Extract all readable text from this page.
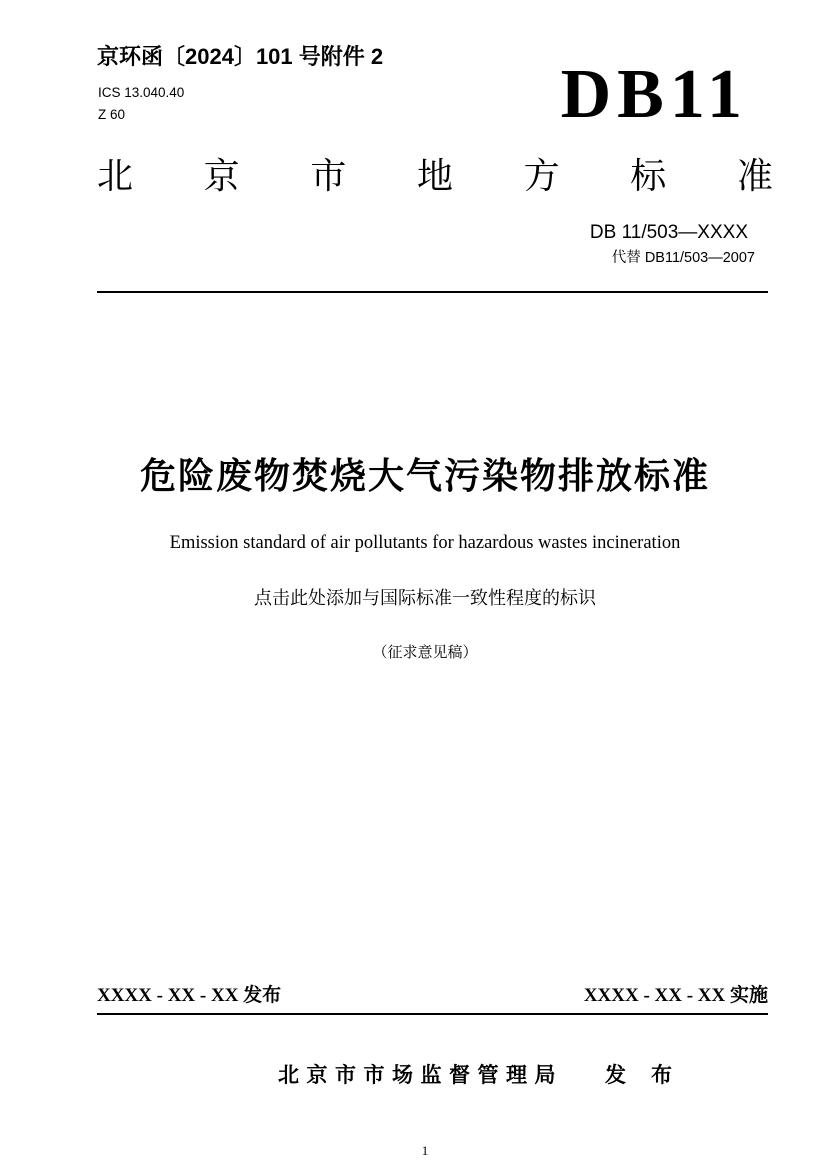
京环函〔2024〕101 号附件 2
ICS 13.040.40
Z 60	DB11
北 京 市 地 方 标 准
DB 11/503—XXXX
代替 DB11/503—2007
危险废物焚烧大气污染物排放标准
Emission standard of air pollutants for hazardous wastes incineration
点击此处添加与国际标准一致性程度的标识
（征求意见稿）
XXXX - XX - XX 发布	XXXX - XX - XX 实施
北京市市场监督管理局 发 布
1
